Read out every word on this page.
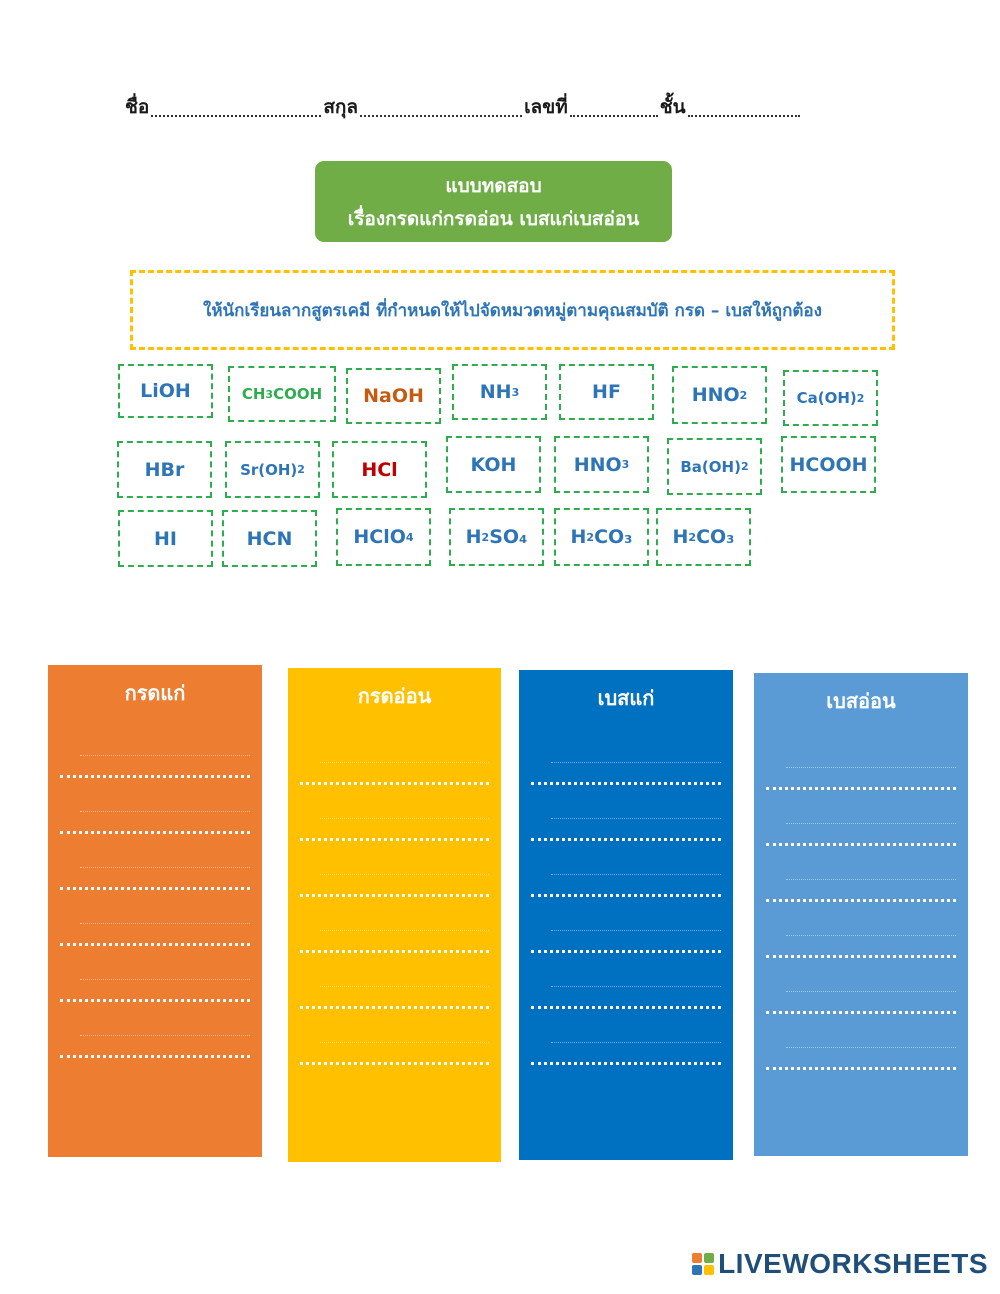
ชื่อ	สกุล	เลขที่	ชั้น
แบบทดสอบ
เรื่องกรดแก่กรดอ่อน เบสแก่เบสอ่อน
ให้นักเรียนลากสูตรเคมี ที่กำหนดให้ไปจัดหมวดหมู่ตามคุณสมบัติ กรด – เบสให้ถูกต้อง
LiOH	CH 3 COOH NaOH	NH 3	HF	HNO 2	Ca(OH) 2
HBr	Sr(OH) 2	HCl	KOH	HNO 3	Ba(OH) 2 HCOOH
HI	HCN	HClO 4	H 2 SO₄ H 2 CO₃ H 2 CO₃
กรดแก่	กรดอ่อน	เบสแก่	เบสอ่อน
LIVEWORKSHEETS
